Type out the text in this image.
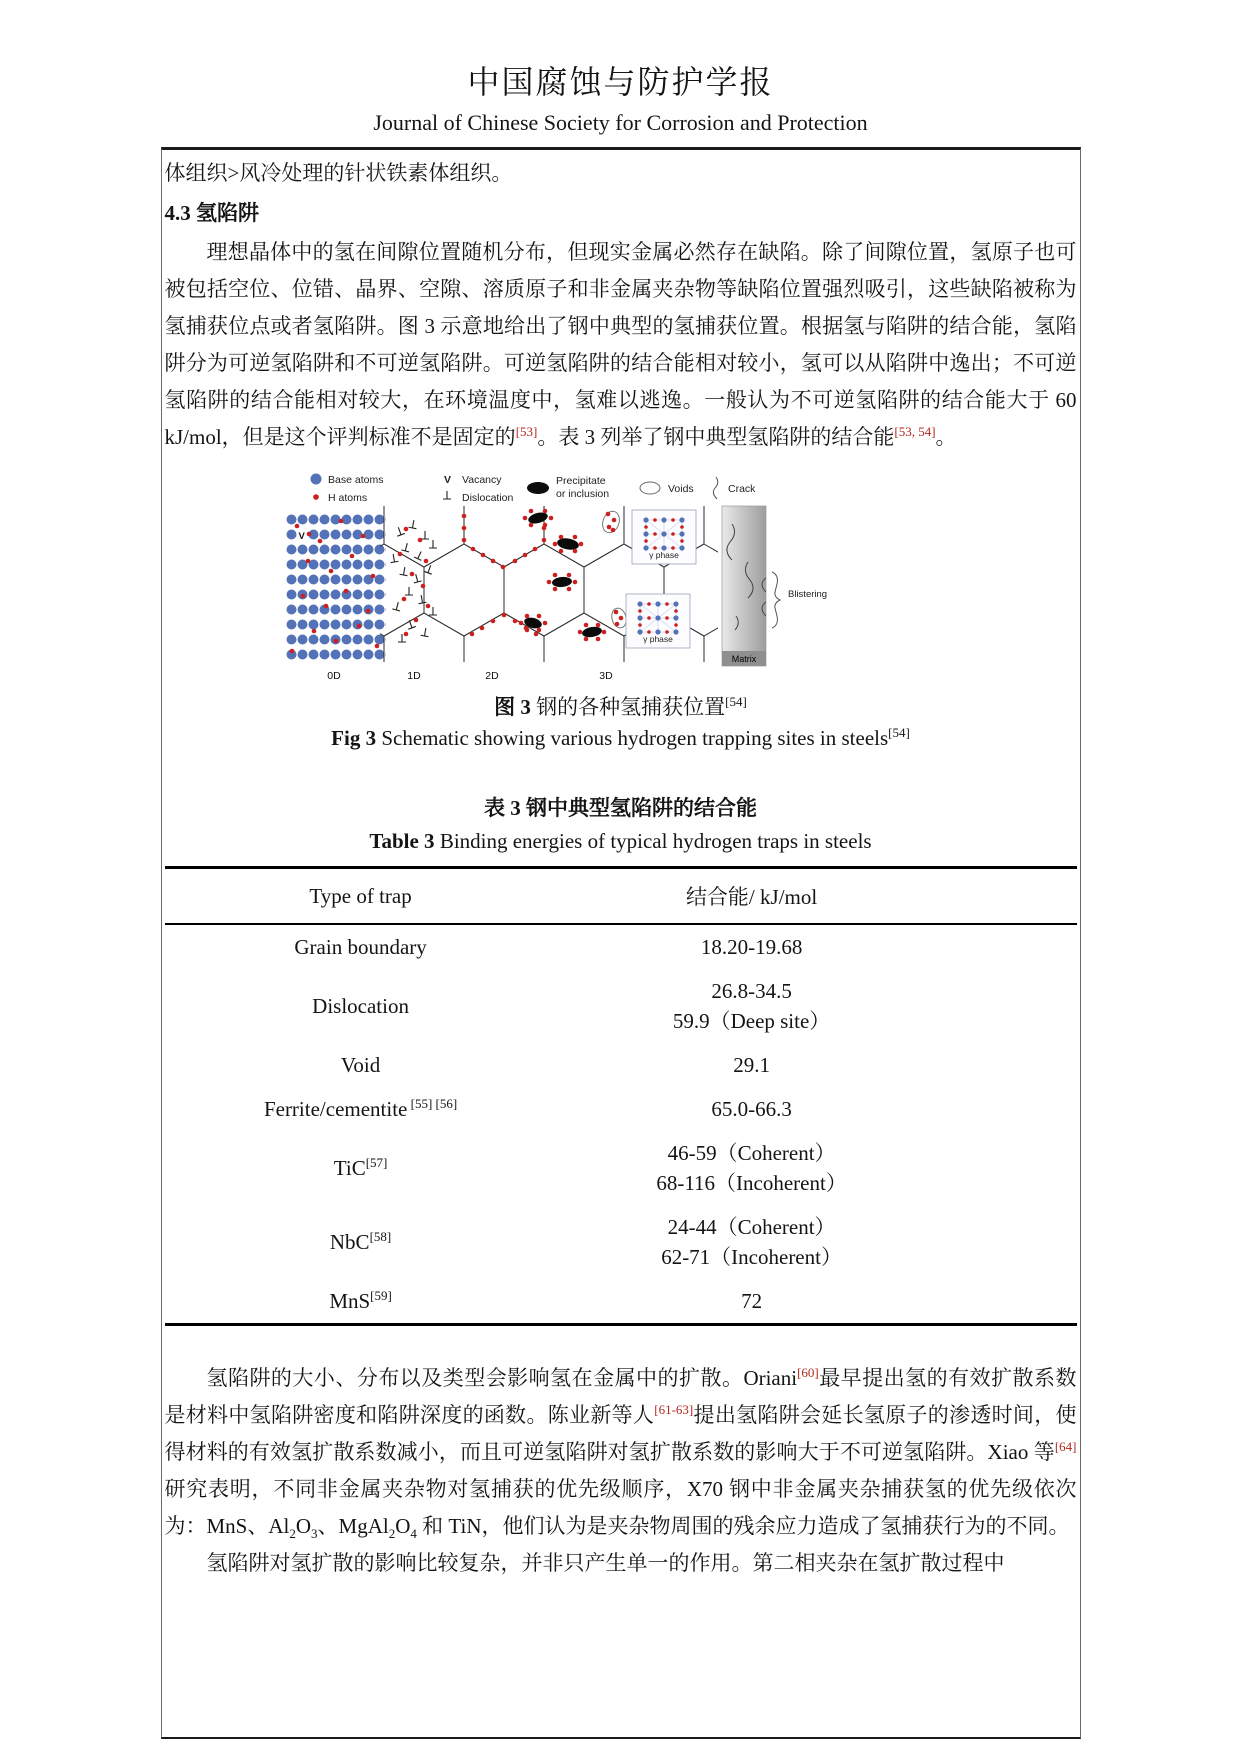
中国腐蚀与防护学报
Journal of Chinese Society for Corrosion and Protection

体组织>风冷处理的针状铁素体组织。

4.3 氢陷阱

理想晶体中的氢在间隙位置随机分布，但现实金属必然存在缺陷。除了间隙位置，氢原子也可被包括空位、位错、晶界、空隙、溶质原子和非金属夹杂物等缺陷位置强烈吸引，这些缺陷被称为氢捕获位点或者氢陷阱。图 3 示意地给出了钢中典型的氢捕获位置。根据氢与陷阱的结合能，氢陷阱分为可逆氢陷阱和不可逆氢陷阱。可逆氢陷阱的结合能相对较小，氢可以从陷阱中逸出；不可逆氢陷阱的结合能相对较大，在环境温度中，氢难以逃逸。一般认为不可逆氢陷阱的结合能大于 60 kJ/mol，但是这个评判标准不是固定的[53]。表 3 列举了钢中典型氢陷阱的结合能[53, 54]。

Base atoms
H atoms
V Vacancy
Dislocation
Precipitate
or inclusion	Voids	Crack
V
γ phase
γ phase
Matrix
Blistering
0D	1D	2D	3D

图 3 钢的各种氢捕获位置[54]

Fig 3 Schematic showing various hydrogen trapping sites in steels[54]

表 3 钢中典型氢陷阱的结合能
Table 3 Binding energies of typical hydrogen traps in steels
Type of trap	结合能/ kJ/mol
Grain boundary	18.20-19.68

Dislocation	26.8-34.5
59.9（Deep site）

Void	29.1

Ferrite/cementite [55] [56]	65.0-66.3

TiC[57]	46-59（Coherent）
68-116（Incoherent）

NbC[58]	24-44（Coherent）
62-71（Incoherent）

MnS[59]	72

氢陷阱的大小、分布以及类型会影响氢在金属中的扩散。Oriani[60]最早提出氢的有效扩散系数是材料中氢陷阱密度和陷阱深度的函数。陈业新等人[61-63]提出氢陷阱会延长氢原子的渗透时间，使得材料的有效氢扩散系数减小，而且可逆氢陷阱对氢扩散系数的影响大于不可逆氢陷阱。Xiao 等[64]研究表明，不同非金属夹杂物对氢捕获的优先级顺序，X70 钢中非金属夹杂捕获氢的优先级依次为：MnS、$Al_2O_3$、$MgAl_2O_4$ 和 TiN，他们认为是夹杂物周围的残余应力造成了氢捕获行为的不同。

氢陷阱对氢扩散的影响比较复杂，并非只产生单一的作用。第二相夹杂在氢扩散过程中
